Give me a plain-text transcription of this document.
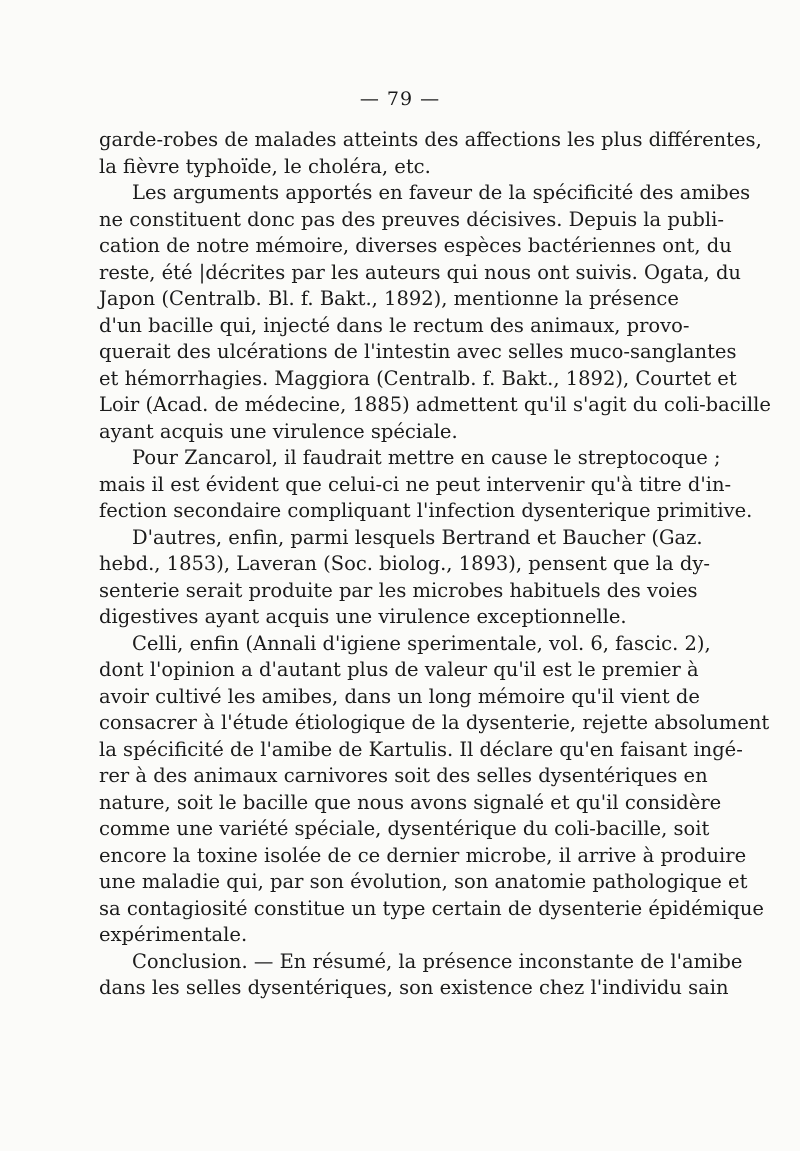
— 79 —
garde-robes de malades atteints des affections les plus différentes,
la fièvre typhoïde, le choléra, etc.
Les arguments apportés en faveur de la spécificité des amibes
ne constituent donc pas des preuves décisives. Depuis la publi-
cation de notre mémoire, diverses espèces bactériennes ont, du
reste, été |décrites par les auteurs qui nous ont suivis. Ogata, du
Japon (Centralb. Bl. f. Bakt., 1892), mentionne la présence
d'un bacille qui, injecté dans le rectum des animaux, provo-
querait des ulcérations de l'intestin avec selles muco-sanglantes
et hémorrhagies. Maggiora (Centralb. f. Bakt., 1892), Courtet et
Loir (Acad. de médecine, 1885) admettent qu'il s'agit du coli-bacille
ayant acquis une virulence spéciale.
Pour Zancarol, il faudrait mettre en cause le streptocoque ;
mais il est évident que celui-ci ne peut intervenir qu'à titre d'in-
fection secondaire compliquant l'infection dysenterique primitive.
D'autres, enfin, parmi lesquels Bertrand et Baucher (Gaz.
hebd., 1853), Laveran (Soc. biolog., 1893), pensent que la dy-
senterie serait produite par les microbes habituels des voies
digestives ayant acquis une virulence exceptionnelle.
Celli, enfin (Annali d'igiene sperimentale, vol. 6, fascic. 2),
dont l'opinion a d'autant plus de valeur qu'il est le premier à
avoir cultivé les amibes, dans un long mémoire qu'il vient de
consacrer à l'étude étiologique de la dysenterie, rejette absolument
la spécificité de l'amibe de Kartulis. Il déclare qu'en faisant ingé-
rer à des animaux carnivores soit des selles dysentériques en
nature, soit le bacille que nous avons signalé et qu'il considère
comme une variété spéciale, dysentérique du coli-bacille, soit
encore la toxine isolée de ce dernier microbe, il arrive à produire
une maladie qui, par son évolution, son anatomie pathologique et
sa contagiosité constitue un type certain de dysenterie épidémique
expérimentale.
Conclusion. — En résumé, la présence inconstante de l'amibe
dans les selles dysentériques, son existence chez l'individu sain
